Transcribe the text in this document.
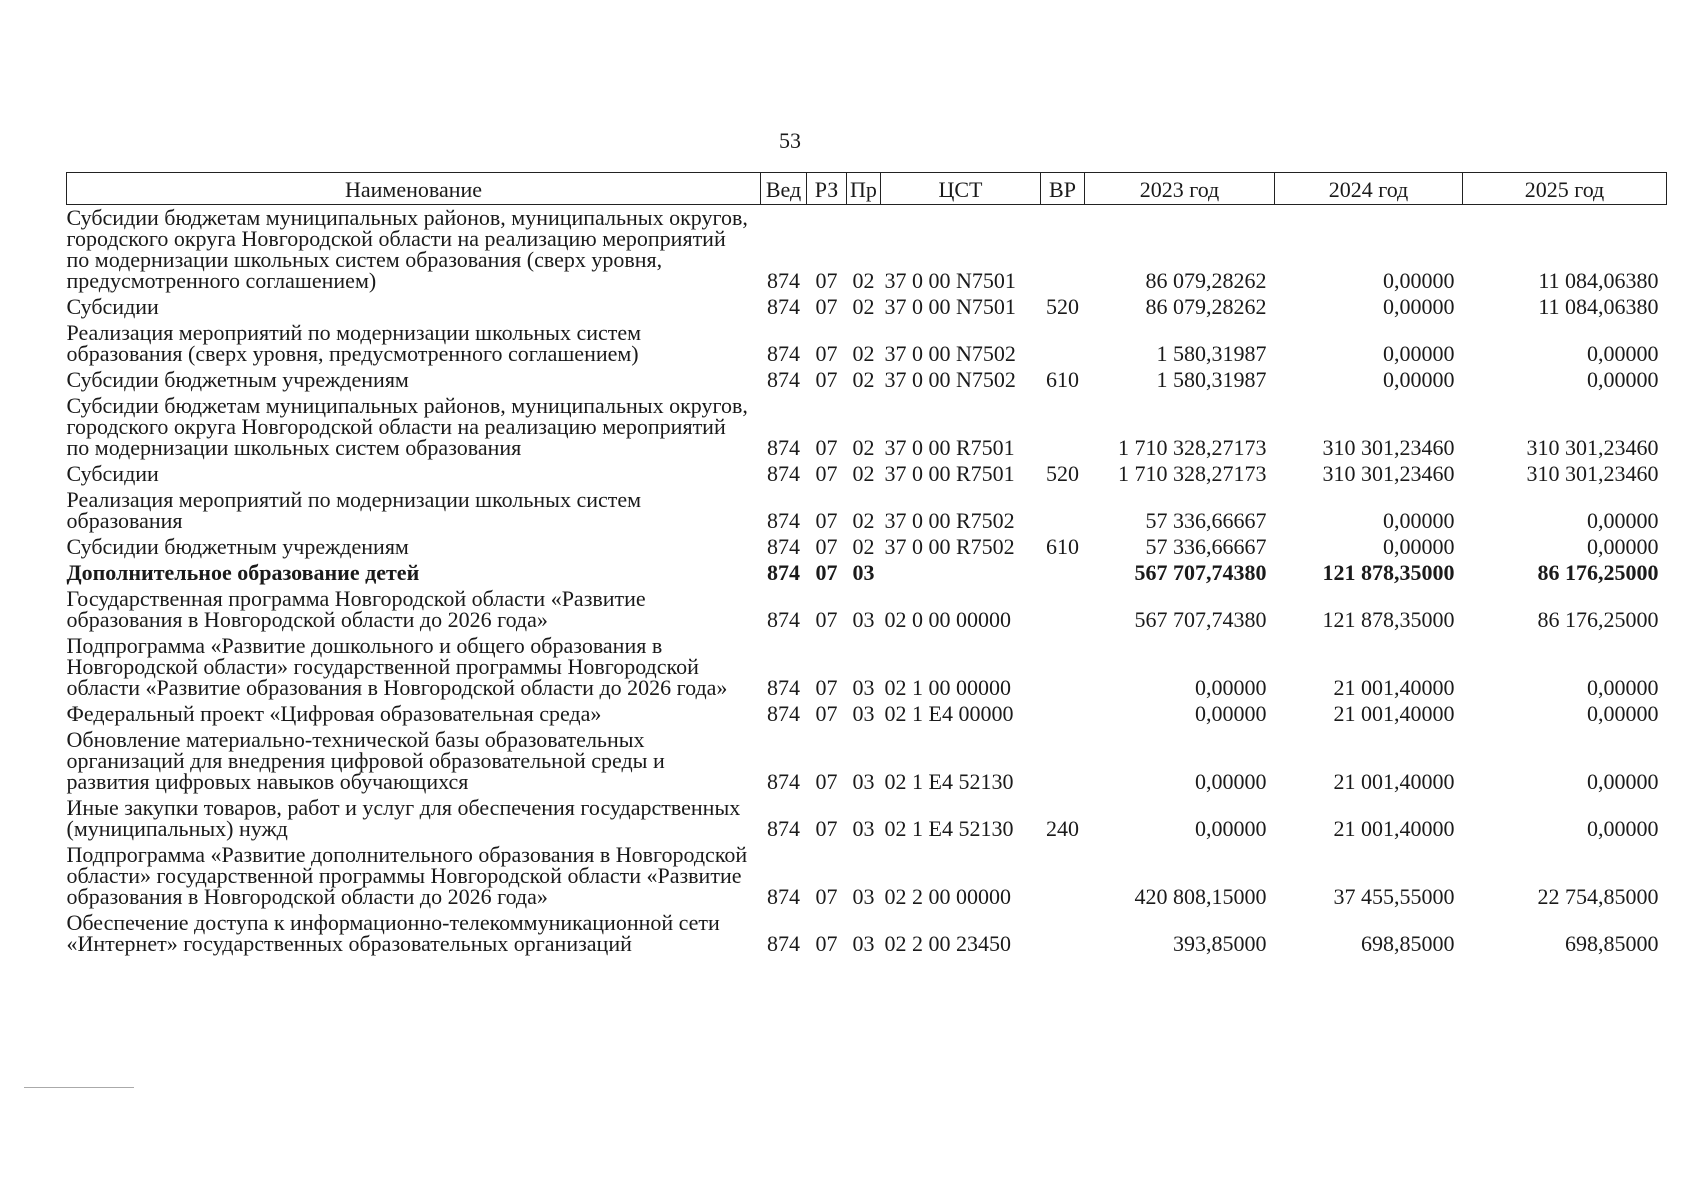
53
Наименование	Вед	РЗ	Пр	ЦСТ	ВР	2023 год	2024 год	2025 год
Субсидии бюджетам муниципальных районов, муниципальных округов, городского округа Новгородской области на реализацию мероприятий по модернизации школьных систем образования (сверх уровня, предусмотренного соглашением)	874	07	02	37 0 00 N7501		86 079,28262	0,00000	11 084,06380
Субсидии	874	07	02	37 0 00 N7501	520	86 079,28262	0,00000	11 084,06380
Реализация мероприятий по модернизации школьных систем образования (сверх уровня, предусмотренного соглашением)	874	07	02	37 0 00 N7502		1 580,31987	0,00000	0,00000
Субсидии бюджетным учреждениям	874	07	02	37 0 00 N7502	610	1 580,31987	0,00000	0,00000
Субсидии бюджетам муниципальных районов, муниципальных округов, городского округа Новгородской области на реализацию мероприятий по модернизации школьных систем образования	874	07	02	37 0 00 R7501		1 710 328,27173	310 301,23460	310 301,23460
Субсидии	874	07	02	37 0 00 R7501	520	1 710 328,27173	310 301,23460	310 301,23460
Реализация мероприятий по модернизации школьных систем образования	874	07	02	37 0 00 R7502		57 336,66667	0,00000	0,00000
Субсидии бюджетным учреждениям	874	07	02	37 0 00 R7502	610	57 336,66667	0,00000	0,00000
Дополнительное образование детей	874	07	03			567 707,74380	121 878,35000	86 176,25000
Государственная программа Новгородской области «Развитие образования в Новгородской области до 2026 года»	874	07	03	02 0 00 00000		567 707,74380	121 878,35000	86 176,25000
Подпрограмма «Развитие дошкольного и общего образования в Новгородской области» государственной программы Новгородской области «Развитие образования в Новгородской области до 2026 года»	874	07	03	02 1 00 00000		0,00000	21 001,40000	0,00000
Федеральный проект «Цифровая образовательная среда»	874	07	03	02 1 E4 00000		0,00000	21 001,40000	0,00000
Обновление материально-технической базы образовательных организаций для внедрения цифровой образовательной среды и развития цифровых навыков обучающихся	874	07	03	02 1 E4 52130		0,00000	21 001,40000	0,00000
Иные закупки товаров, работ и услуг для обеспечения государственных (муниципальных) нужд	874	07	03	02 1 E4 52130	240	0,00000	21 001,40000	0,00000
Подпрограмма «Развитие дополнительного образования в Новгородской области» государственной программы Новгородской области «Развитие образования в Новгородской области до 2026 года»	874	07	03	02 2 00 00000		420 808,15000	37 455,55000	22 754,85000
Обеспечение доступа к информационно-телекоммуникационной сети «Интернет» государственных образовательных организаций	874	07	03	02 2 00 23450		393,85000	698,85000	698,85000
